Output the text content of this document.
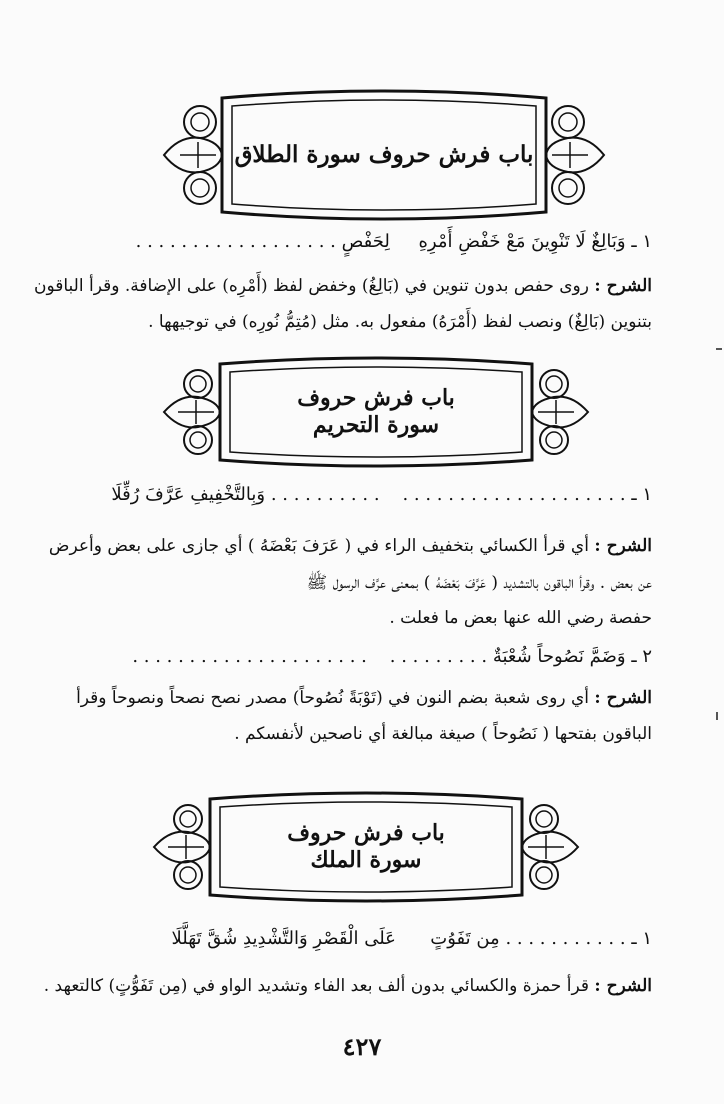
باب فرش حروف سورة الطلاق
١ ـ وَبَالِغٌ لَا تَنْوِينَ مَعْ خَفْضِ أَمْرِهِ     لِحَفْصٍ . . . . . . . . . . . . . . . . . .
الشرح : روى حفص بدون تنوين في (بَالِغُ) وخفض لفظ (أَمْرِه) على الإضافة. وقرأ الباقون
بتنوين (بَالِغٌ) ونصب لفظ (أَمْرَهُ) مفعول به. مثل (مُتِمُّ نُورِه) في توجيهها .
باب فرش حروف
سورة التحريم
١ ـ . . . . . . . . . . . . . . . . . . . .    . . . . . . . . . . وَبِالتَّخْفِيفِ عَرَّفَ رُفِّلَا
الشرح : أي قرأ الكسائي بتخفيف الراء في ( عَرَفَ بَعْضَهُ ) أي جازى على بعض وأعرض
عن بعض . وقرأ الباقون بالتشديد ( عَرَّفَ بَعْضَهُ ) بمعنى عرَّف الرسول ﷺ
حفصة رضي الله عنها بعض ما فعلت .
٢ ـ وَضَمَّ نَصُوحاً شُعْبَةٌ . . . . . . . . .    . . . . . . . . . . . . . . . . . . . . .
الشرح : أي روى شعبة بضم النون في (تَوْبَةً نُصُوحاً) مصدر نصح نصحاً ونصوحاً وقرأ
الباقون بفتحها ( نَصُوحاً ) صيغة مبالغة أي ناصحين لأنفسكم .
باب فرش حروف
سورة الملك
١ ـ . . . . . . . . . . . مِن تَفَوُتٍ      عَلَى الْقَصْرِ وَالتَّشْدِيدِ شُقَّ تَهَلَّلَا
الشرح : قرأ حمزة والكسائي بدون ألف بعد الفاء وتشديد الواو في (مِن تَفَوُّتٍ) كالتعهد .
٤٢٧
